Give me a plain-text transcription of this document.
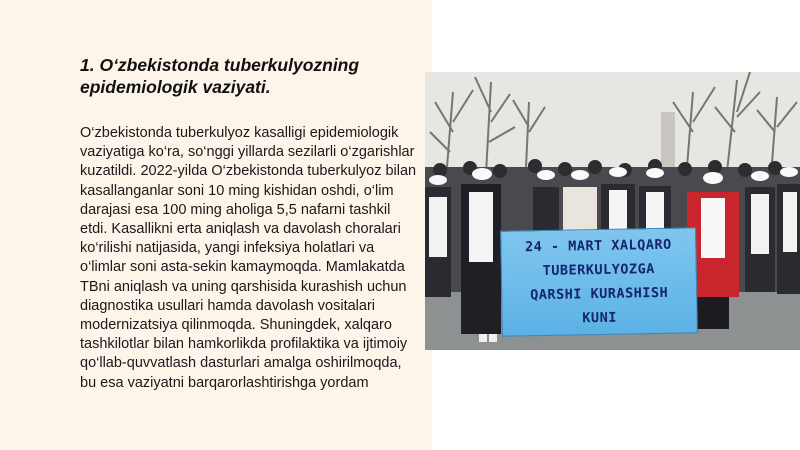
1. O‘zbekistonda tuberkulyozning epidemiologik vaziyati.

O‘zbekistonda tuberkulyoz kasalligi epidemiologik vaziyatiga ko‘ra, so‘nggi yillarda sezilarli o‘zgarishlar kuzatildi. 2022-yilda O‘zbekistonda tuberkulyoz bilan kasallanganlar soni 10 ming kishidan oshdi, o‘lim darajasi esa 100 ming aholiga 5,5 nafarni tashkil etdi. Kasallikni erta aniqlash va davolash choralari ko‘rilishi natijasida, yangi infeksiya holatlari va o‘limlar soni asta-sekin kamaymoqda. Mamlakatda TBni aniqlash va uning qarshisida kurashish uchun diagnostika usullari hamda davolash vositalari modernizatsiya qilinmoqda. Shuningdek, xalqaro tashkilotlar bilan hamkorlikda profilaktika va ijtimoiy qo‘llab-quvvatlash dasturlari amalga oshirilmoqda, bu esa vaziyatni barqarorlashtirishga yordam

24 - MART XALQARO
TUBERKULYOZGA
QARSHI KURASHISH
KUNI
